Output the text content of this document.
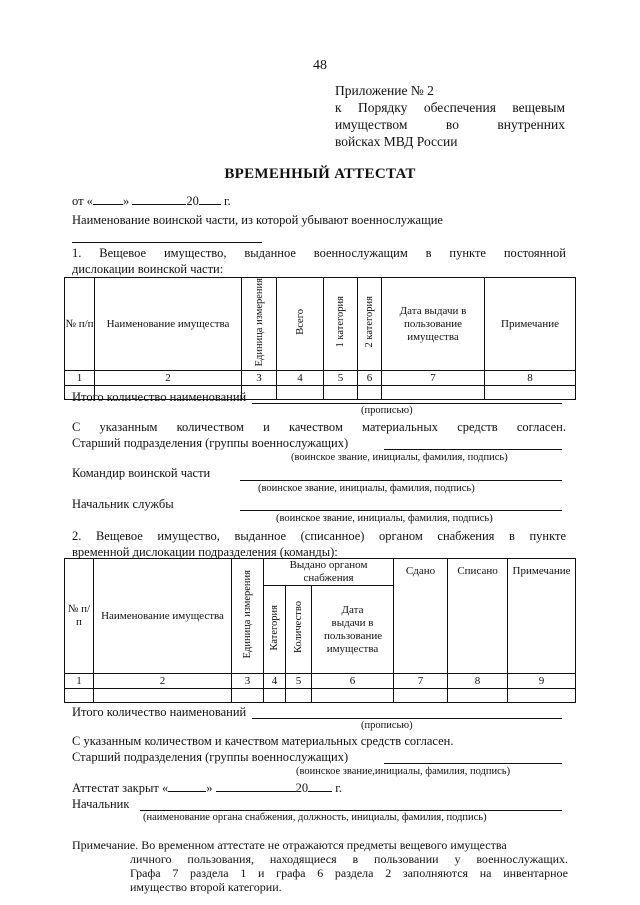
48
Приложение № 2
к Порядку обеспечения вещевым
имуществом	во	внутренних
войсках МВД России
ВРЕМЕННЫЙ АТТЕСТАТ
от « »	20 г.
Наименование воинской части, из которой убывают военнослужащие
1. Вещевое имущество, выданное военнослужащим в пункте постоянной
дислокации воинской части:
№ п/п	Наименование имущества	Единица измерения	Всего	1 категория	2 категория	Дата выдачи в пользование имущества	Примечание
1	2	3	4	5	6	7	8

Итого количество наименований
(прописью)
С указанным количеством и качеством материальных средств согласен.
Старший подразделения (группы военнослужащих)
(воинское звание, инициалы, фамилия, подпись)
Командир воинской части
(воинское звание, инициалы, фамилия, подпись)
Начальник службы
(воинское звание, инициалы, фамилия, подпись)
2. Вещевое имущество, выданное (списанное) органом снабжения в пункте
временной дислокации подразделения (команды):
№ п/п	Наименование имущества	Единица измерения	Выдано органом снабжения			Сдано	Списано	Примечание
			Категория	Количество	Дата выдачи в пользование имущества			
1	2	3	4	5	6	7	8	9

Итого количество наименований
(прописью)
С указанным количеством и качеством материальных средств согласен.
Старший подразделения (группы военнослужащих)
(воинское звание,инициалы, фамилия, подпись)
Аттестат закрыт «	»	20 г.
Начальник
(наименование органа снабжения, должность, инициалы, фамилия, подпись)
Примечание. Во временном аттестате не отражаются предметы вещевого имущества
личного пользования, находящиеся в пользовании у военнослужащих.
Графа 7 раздела 1 и графа 6 раздела 2 заполняются на инвентарное
имущество второй категории.
